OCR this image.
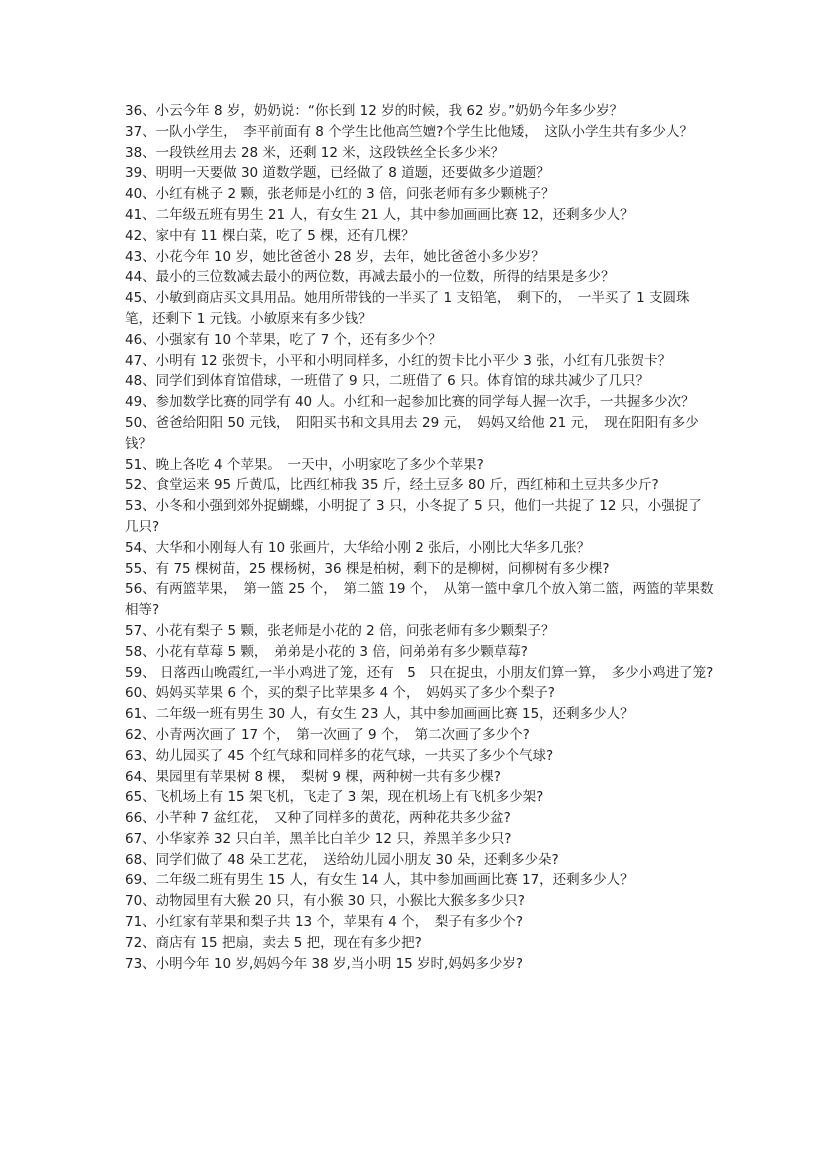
36、小云今年 8 岁，奶奶说：“你长到 12 岁的时候，我 62 岁。”奶奶今年多少岁？

37、一队小学生，　李平前面有 8 个学生比他高竺嬗?个学生比他矮，　这队小学生共有多少人？

38、一段铁丝用去 28 米，还剩 12 米，这段铁丝全长多少米？

39、明明一天要做 30 道数学题，已经做了 8 道题，还要做多少道题？

40、小红有桃子 2 颗，张老师是小红的 3 倍，问张老师有多少颗桃子？

41、二年级五班有男生 21 人，有女生 21 人，其中参加画画比赛 12，还剩多少人？

42、家中有 11 棵白菜，吃了 5 棵，还有几棵？

43、小花今年 10 岁，她比爸爸小 28 岁，去年，她比爸爸小多少岁？

44、最小的三位数减去最小的两位数，再减去最小的一位数，所得的结果是多少？

45、小敏到商店买文具用品。她用所带钱的一半买了 1 支铅笔，　剩下的，　一半买了 1 支圆珠笔，还剩下 1 元钱。小敏原来有多少钱？

46、小强家有 10 个苹果，吃了 7 个，还有多少个？

47、小明有 12 张贺卡，小平和小明同样多，小红的贺卡比小平少 3 张，小红有几张贺卡？

48、同学们到体育馆借球，一班借了 9 只，二班借了 6 只。体育馆的球共减少了几只？

49、参加数学比赛的同学有 40 人。小红和一起参加比赛的同学每人握一次手，一共握多少次？

50、爸爸给阳阳 50 元钱，　阳阳买书和文具用去 29 元，　妈妈又给他 21 元，　现在阳阳有多少钱？

51、晚上各吃 4 个苹果。　一天中，小明家吃了多少个苹果?

52、食堂运来 95 斤黄瓜，比西红柿我 35 斤，经土豆多 80 斤，西红柿和土豆共多少斤?

53、小冬和小强到郊外捉蝴蝶，小明捉了 3 只，小冬捉了 5 只，他们一共捉了 12 只，小强捉了几只?

54、大华和小刚每人有 10 张画片，大华给小刚 2 张后，小刚比大华多几张？

55、有 75 棵树苗，25 棵杨树，36 棵是柏树，剩下的是柳树，问柳树有多少棵?

56、有两篮苹果，　第一篮 25 个，　第二篮 19 个，　从第一篮中拿几个放入第二篮，两篮的苹果数相等?

57、小花有梨子 5 颗，张老师是小花的 2 倍，问张老师有多少颗梨子？

58、小花有草莓 5 颗，　弟弟是小花的 3 倍，问弟弟有多少颗草莓?

59、 日落西山晚霞红,一半小鸡进了笼，还有　5　只在捉虫，小朋友们算一算，　多少小鸡进了笼?

60、妈妈买苹果 6 个，买的梨子比苹果多 4 个，　妈妈买了多少个梨子?

61、二年级一班有男生 30 人，有女生 23 人，其中参加画画比赛 15，还剩多少人？

62、小青两次画了 17 个，　第一次画了 9 个，　第二次画了多少个?

63、幼儿园买了 45 个红气球和同样多的花气球，一共买了多少个气球?

64、果园里有苹果树 8 棵，　梨树 9 棵，两种树一共有多少棵?

65、飞机场上有 15 架飞机，飞走了 3 架，现在机场上有飞机多少架?

66、小芊种 7 盆红花，　又种了同样多的黄花，两种花共多少盆?

67、小华家养 32 只白羊，黑羊比白羊少 12 只，养黑羊多少只?

68、同学们做了 48 朵工艺花，　送给幼儿园小朋友 30 朵，还剩多少朵?

69、二年级二班有男生 15 人，有女生 14 人，其中参加画画比赛 17，还剩多少人？

70、动物园里有大猴 20 只，有小猴 30 只，小猴比大猴多多少只?

71、小红家有苹果和梨子共 13 个，苹果有 4 个，　梨子有多少个?

72、商店有 15 把扇，卖去 5 把，现在有多少把?

73、小明今年 10 岁,妈妈今年 38 岁,当小明 15 岁时,妈妈多少岁?
